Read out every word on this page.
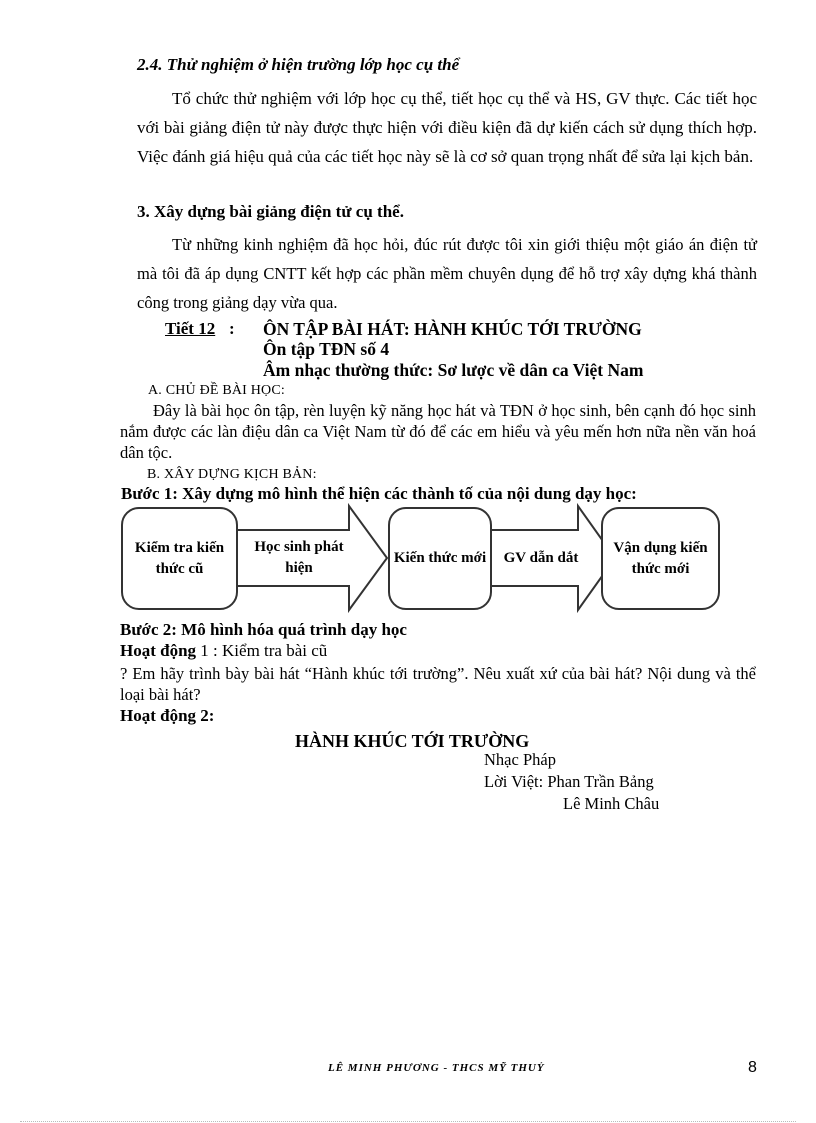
2.4. Thử nghiệm ở hiện trường lớp học cụ thể
Tổ chức thử nghiệm với lớp học cụ thể, tiết học cụ thể và HS, GV thực. Các tiết học với bài giảng điện tử này được thực hiện với điều kiện đã dự kiến cách sử dụng thích hợp. Việc đánh giá hiệu quả của các tiết học này sẽ là cơ sở quan trọng nhất để sửa lại kịch bản.
3. Xây dựng bài giảng điện tử cụ thể.
Từ những kinh nghiệm đã học hỏi, đúc rút được tôi xin giới thiệu một giáo án điện tử mà tôi đã áp dụng CNTT kết hợp các phần mềm chuyên dụng để hỗ trợ xây dựng khá thành công trong giảng dạy vừa qua.
Tiết 12 : ÔN TẬP BÀI HÁT: HÀNH KHÚC TỚI TRƯỜNG
Ôn tập TĐN số 4
Âm nhạc thường thức: Sơ lược về dân ca Việt Nam
A. CHỦ ĐỀ BÀI HỌC:
Đây là bài học ôn tập, rèn luyện kỹ năng học hát và TĐN ở học sinh, bên cạnh đó học sinh nắm được các làn điệu dân ca Việt Nam từ đó để các em hiểu và yêu mến hơn nữa nền văn hoá dân tộc.
B. XÂY DỰNG KỊCH BẢN:
Bước 1: Xây dựng mô hình thể hiện các thành tố của nội dung dạy học:
Kiểm tra kiến thức cũ
Học sinh phát hiện
Kiến thức mới GV dẫn dắt
Vận dụng kiến thức mới
Bước 2: Mô hình hóa quá trình dạy học
Hoạt động 1 : Kiểm tra bài cũ
? Em hãy trình bày bài hát “Hành khúc tới trường”. Nêu xuất xứ của bài hát? Nội dung và thể loại bài hát?
Hoạt động 2:
HÀNH KHÚC TỚI TRƯỜNG
Nhạc Pháp
Lời Việt: Phan Trần Bảng
Lê Minh Châu
LÊ MINH PHƯƠNG - THCS MỸ THUỶ	8
